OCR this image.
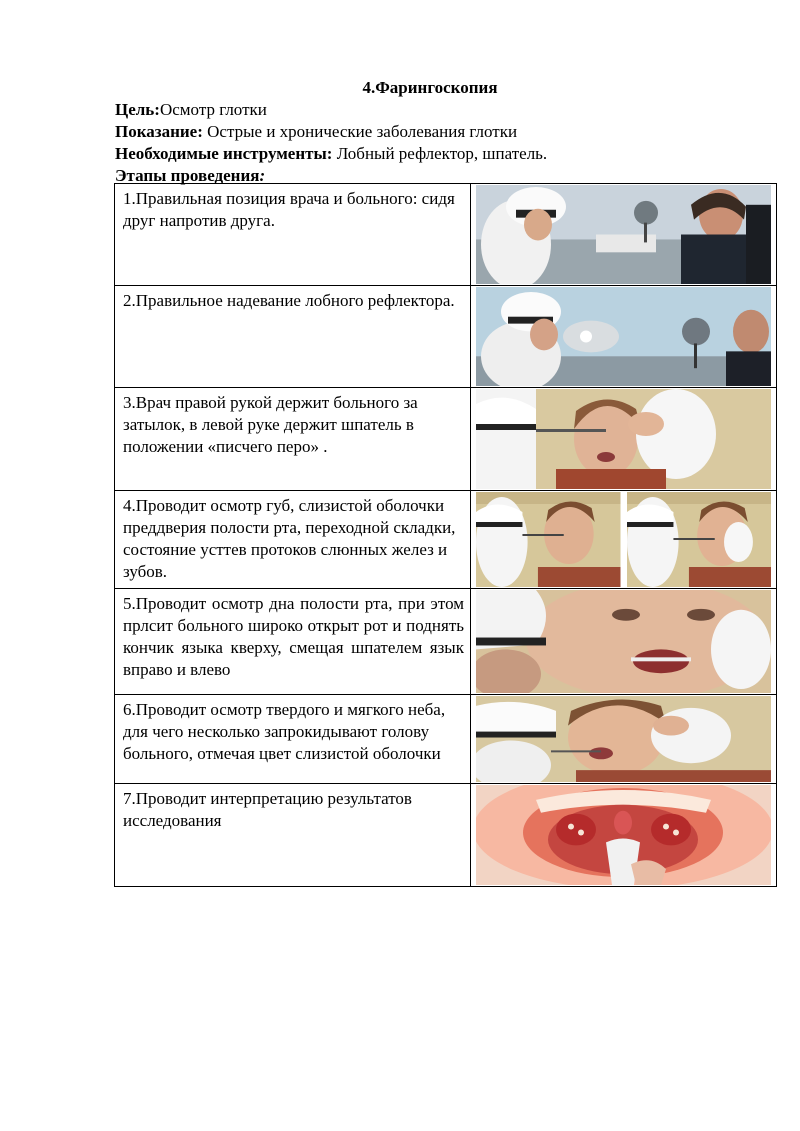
4.Фарингоскопия
Цель:Осмотр глотки
Показание: Острые и хронические заболевания глотки
Необходимые инструменты: Лобный рефлектор, шпатель.
Этапы проведения:
1.Правильная позиция врача и больного: сидя друг напротив друга.	

2.Правильное надевание лобного рефлектора.	

3.Врач правой рукой держит больного за затылок, в левой руке держит шпатель в положении «писчего перо» .	

4.Проводит осмотр губ, слизистой оболочки преддверия полости рта, переходной складки, состояние усттев протоков слюнных желез и зубов.	

5.Проводит осмотр дна полости рта, при этом прлсит больного широко открыт рот и поднять кончик языка кверху, смещая шпателем язык вправо и влево	

6.Проводит осмотр твердого и мягкого неба, для чего несколько запрокидывают голову больного, отмечая цвет слизистой оболочки	

7.Проводит интерпретацию результатов исследования	
